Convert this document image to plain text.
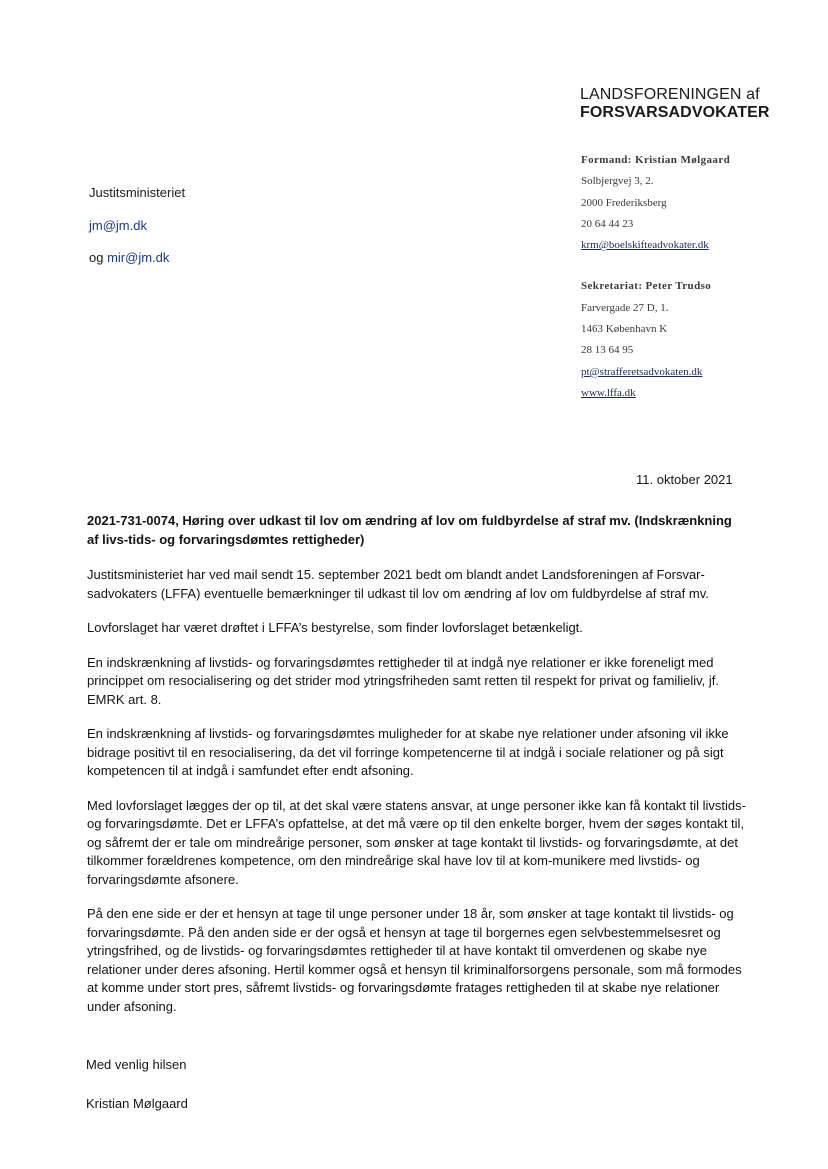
LANDSFORENINGEN af
FORSVARSADVOKATER
Formand: Kristian Mølgaard
Solbjergvej 3, 2.
2000 Frederiksberg
20 64 44 23
krm@boelskifteadvokater.dk
Sekretariat: Peter Trudso
Farvergade 27 D, 1.
1463 København K
28 13 64 95
pt@strafferetsadvokaten.dk
www.lffa.dk
Justitsministeriet
jm@jm.dk
og mir@jm.dk
11. oktober 2021
2021-731-0074, Høring over udkast til lov om ændring af lov om fuldbyrdelse af straf mv. (Indskrænkning af livs-tids- og forvaringsdømtes rettigheder)

Justitsministeriet har ved mail sendt 15. september 2021 bedt om blandt andet Landsforeningen af Forsvar-sadvokaters (LFFA) eventuelle bemærkninger til udkast til lov om ændring af lov om fuldbyrdelse af straf mv.

Lovforslaget har været drøftet i LFFA’s bestyrelse, som finder lovforslaget betænkeligt.

En indskrænkning af livstids- og forvaringsdømtes rettigheder til at indgå nye relationer er ikke foreneligt med princippet om resocialisering og det strider mod ytringsfriheden samt retten til respekt for privat og familieliv, jf. EMRK art. 8.

En indskrænkning af livstids- og forvaringsdømtes muligheder for at skabe nye relationer under afsoning vil ikke bidrage positivt til en resocialisering, da det vil forringe kompetencerne til at indgå i sociale relationer og på sigt kompetencen til at indgå i samfundet efter endt afsoning.

Med lovforslaget lægges der op til, at det skal være statens ansvar, at unge personer ikke kan få kontakt til livstids- og forvaringsdømte. Det er LFFA’s opfattelse, at det må være op til den enkelte borger, hvem der søges kontakt til, og såfremt der er tale om mindreårige personer, som ønsker at tage kontakt til livstids- og forvaringsdømte, at det tilkommer forældrenes kompetence, om den mindreårige skal have lov til at kom-munikere med livstids- og forvaringsdømte afsonere.

På den ene side er der et hensyn at tage til unge personer under 18 år, som ønsker at tage kontakt til livstids- og forvaringsdømte. På den anden side er der også et hensyn at tage til borgernes egen selvbestemmelsesret og ytringsfrihed, og de livstids- og forvaringsdømtes rettigheder til at have kontakt til omverdenen og skabe nye relationer under deres afsoning. Hertil kommer også et hensyn til kriminalforsorgens personale, som må formodes at komme under stort pres, såfremt livstids- og forvaringsdømte fratages rettigheden til at skabe nye relationer under afsoning.

Med venlig hilsen
Kristian Mølgaard
